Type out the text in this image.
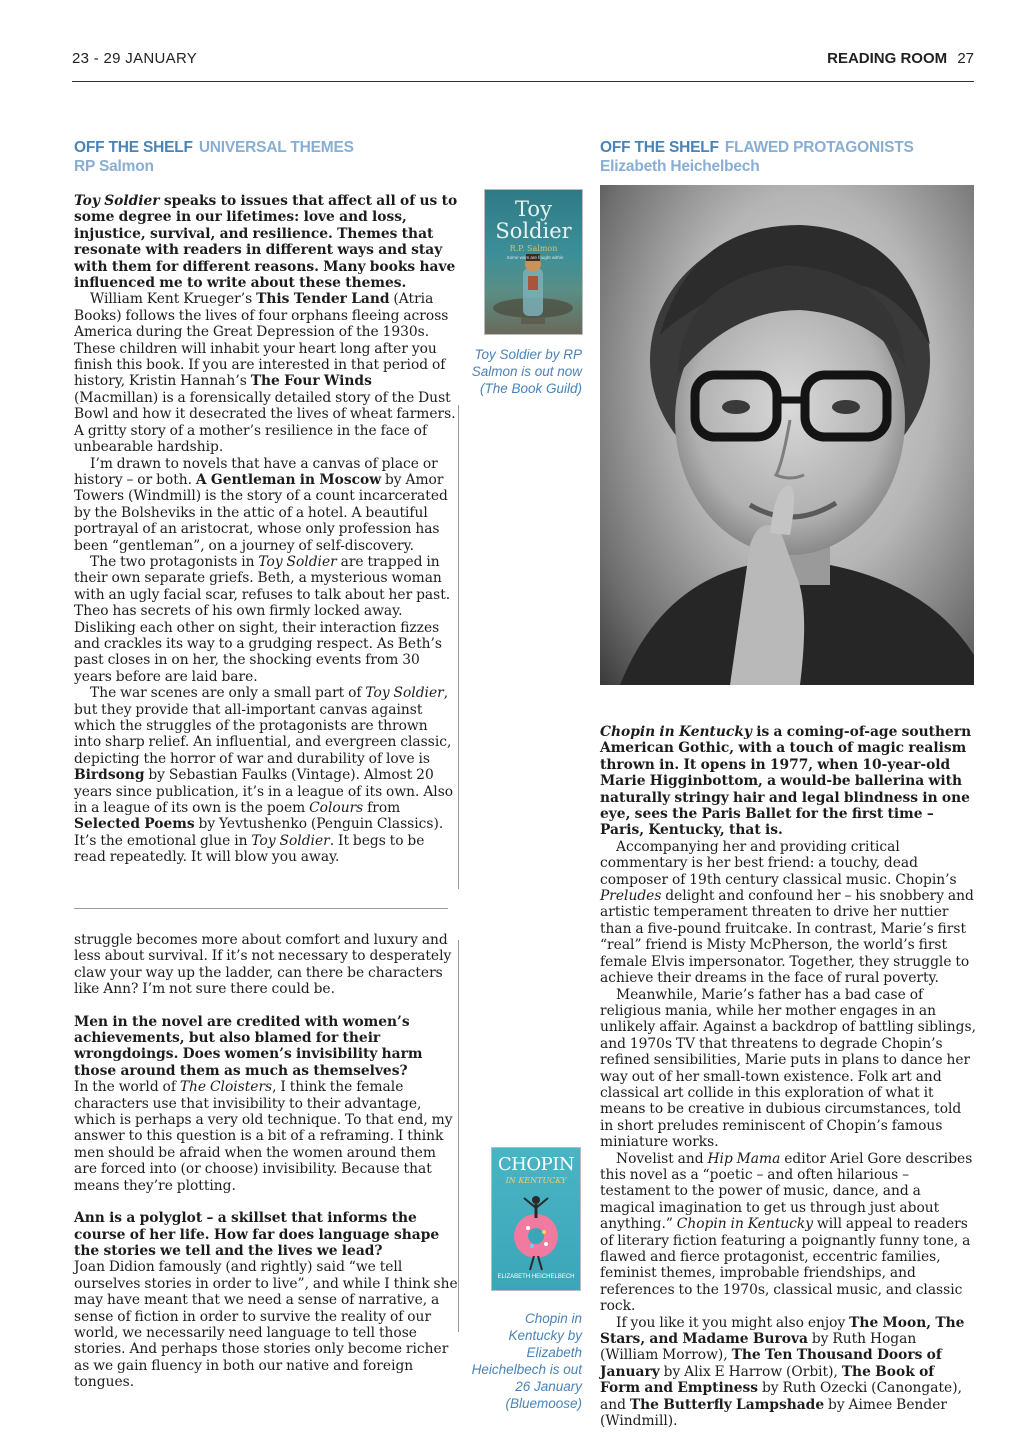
23 - 29 JANUARY	READING ROOM 27
OFF THE SHELF UNIVERSAL THEMES
RP Salmon
OFF THE SHELF FLAWED PROTAGONISTS
Elizabeth Heichelbech

Toy Soldier speaks to issues that affect all of us to some degree in our lifetimes: love and loss, injustice, survival, and resilience. Themes that resonate with readers in different ways and stay with them for different reasons. Many books have influenced me to write about these themes.

William Kent Krueger’s This Tender Land (Atria Books) follows the lives of four orphans fleeing across America during the Great Depression of the 1930s. These children will inhabit your heart long after you finish this book. If you are interested in that period of history, Kristin Hannah’s The Four Winds (Macmillan) is a forensically detailed story of the Dust Bowl and how it desecrated the lives of wheat farmers. A gritty story of a mother’s resilience in the face of unbearable hardship.

I’m drawn to novels that have a canvas of place or history – or both. A Gentleman in Moscow by Amor Towers (Windmill) is the story of a count incarcerated by the Bolsheviks in the attic of a hotel. A beautiful portrayal of an aristocrat, whose only profession has been “gentleman”, on a journey of self-discovery.

The two protagonists in Toy Soldier are trapped in their own separate griefs. Beth, a mysterious woman with an ugly facial scar, refuses to talk about her past. Theo has secrets of his own firmly locked away. Disliking each other on sight, their interaction fizzes and crackles its way to a grudging respect. As Beth’s past closes in on her, the shocking events from 30 years before are laid bare.

The war scenes are only a small part of Toy Soldier, but they provide that all-important canvas against which the struggles of the protagonists are thrown into sharp relief. An influential, and evergreen classic, depicting the horror of war and durability of love is Birdsong by Sebastian Faulks (Vintage). Almost 20 years since publication, it’s in a league of its own. Also in a league of its own is the poem Colours from Selected Poems by Yevtushenko (Penguin Classics). It’s the emotional glue in Toy Soldier. It begs to be read repeatedly. It will blow you away.

Toy
Soldier
R.P. Salmon
Some wars are fought within
Toy Soldier by RP Salmon is out now (The Book Guild)

struggle becomes more about comfort and luxury and less about survival. If it’s not necessary to desperately claw your way up the ladder, can there be characters like Ann? I’m not sure there could be.

Men in the novel are credited with women’s achievements, but also blamed for their wrongdoings. Does women’s invisibility harm those around them as much as themselves?

In the world of The Cloisters, I think the female characters use that invisibility to their advantage, which is perhaps a very old technique. To that end, my answer to this question is a bit of a reframing. I think men should be afraid when the women around them are forced into (or choose) invisibility. Because that means they’re plotting.

Ann is a polyglot – a skillset that informs the course of her life. How far does language shape the stories we tell and the lives we lead?

Joan Didion famously (and rightly) said “we tell ourselves stories in order to live”, and while I think she may have meant that we need a sense of narrative, a sense of fiction in order to survive the reality of our world, we necessarily need language to tell those stories. And perhaps those stories only become richer as we gain fluency in both our native and foreign tongues.

CHOPIN
IN KENTUCKY
ELIZABETH HEICHELBECH
Chopin in Kentucky by Elizabeth Heichelbech is out 26 January (Bluemoose)

Chopin in Kentucky is a coming-of-age southern American Gothic, with a touch of magic realism thrown in. It opens in 1977, when 10-year-old Marie Higginbottom, a would-be ballerina with naturally stringy hair and legal blindness in one eye, sees the Paris Ballet for the first time – Paris, Kentucky, that is.

Accompanying her and providing critical commentary is her best friend: a touchy, dead composer of 19th century classical music. Chopin’s Preludes delight and confound her – his snobbery and artistic temperament threaten to drive her nuttier than a five-pound fruitcake. In contrast, Marie’s first “real” friend is Misty McPherson, the world’s first female Elvis impersonator. Together, they struggle to achieve their dreams in the face of rural poverty.

Meanwhile, Marie’s father has a bad case of religious mania, while her mother engages in an unlikely affair. Against a backdrop of battling siblings, and 1970s TV that threatens to degrade Chopin’s refined sensibilities, Marie puts in plans to dance her way out of her small-town existence. Folk art and classical art collide in this exploration of what it means to be creative in dubious circumstances, told in short preludes reminiscent of Chopin’s famous miniature works.

Novelist and Hip Mama editor Ariel Gore describes this novel as a “poetic – and often hilarious – testament to the power of music, dance, and a magical imagination to get us through just about anything.” Chopin in Kentucky will appeal to readers of literary fiction featuring a poignantly funny tone, a flawed and fierce protagonist, eccentric families, feminist themes, improbable friendships, and references to the 1970s, classical music, and classic rock.

If you like it you might also enjoy The Moon, The Stars, and Madame Burova by Ruth Hogan (William Morrow), The Ten Thousand Doors of January by Alix E Harrow (Orbit), The Book of Form and Emptiness by Ruth Ozecki (Canongate), and The Butterfly Lampshade by Aimee Bender (Windmill).
